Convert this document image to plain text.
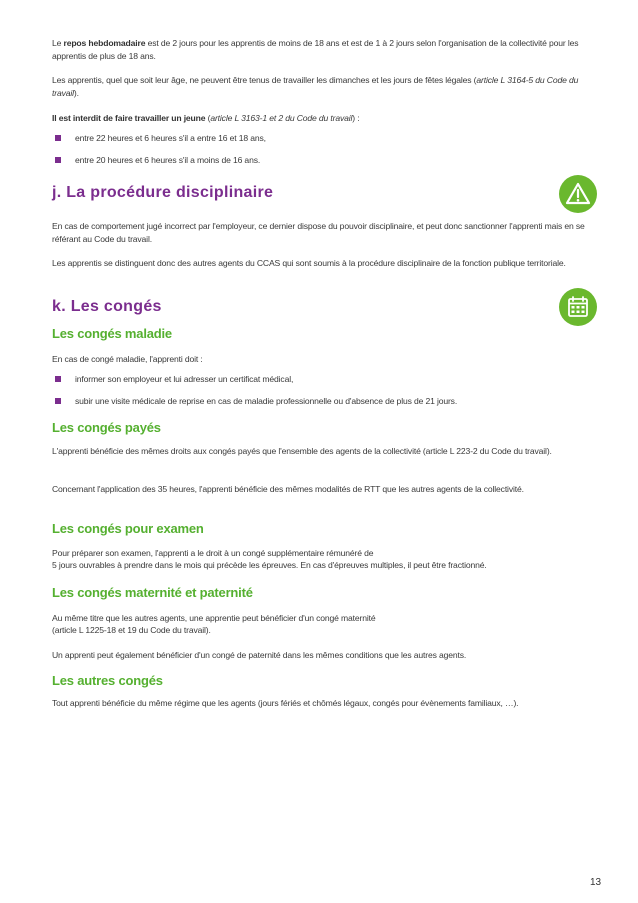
Le repos hebdomadaire est de 2 jours pour les apprentis de moins de 18 ans et est de 1 à 2 jours selon l'organisation de la collectivité pour les apprentis de plus de 18 ans.

Les apprentis, quel que soit leur âge, ne peuvent être tenus de travailler les dimanches et les jours de fêtes légales (article L 3164-5 du Code du travail).

Il est interdit de faire travailler un jeune (article L 3163-1 et 2 du Code du travail) :

entre 22 heures et 6 heures s'il a entre 16 et 18 ans,
entre 20 heures et 6 heures s'il a moins de 16 ans.
j. La procédure disciplinaire

En cas de comportement jugé incorrect par l'employeur, ce dernier dispose du pouvoir disciplinaire, et peut donc sanctionner l'apprenti mais en se référant au Code du travail.

Les apprentis se distinguent donc des autres agents du CCAS qui sont soumis à la procédure disciplinaire de la fonction publique territoriale.

k. Les congés
Les congés maladie

En cas de congé maladie, l'apprenti doit :

informer son employeur et lui adresser un certificat médical,
subir une visite médicale de reprise en cas de maladie professionnelle ou d'absence de plus de 21 jours.
Les congés payés

L'apprenti bénéficie des mêmes droits aux congés payés que l'ensemble des agents de la collectivité (article L 223-2 du Code du travail).

Concernant l'application des 35 heures, l'apprenti bénéficie des mêmes modalités de RTT que les autres agents de la collectivité.

Les congés pour examen

Pour préparer son examen, l'apprenti a le droit à un congé supplémentaire rémunéré de

5 jours ouvrables à prendre dans le mois qui précède les épreuves. En cas d'épreuves multiples, il peut être fractionné.

Les congés maternité et paternité

Au même titre que les autres agents, une apprentie peut bénéficier d'un congé maternité

(article L 1225-18 et 19 du Code du travail).

Un apprenti peut également bénéficier d'un congé de paternité dans les mêmes conditions que les autres agents.

Les autres congés

Tout apprenti bénéficie du même régime que les agents (jours fériés et chômés légaux, congés pour évènements familiaux, …).

13
